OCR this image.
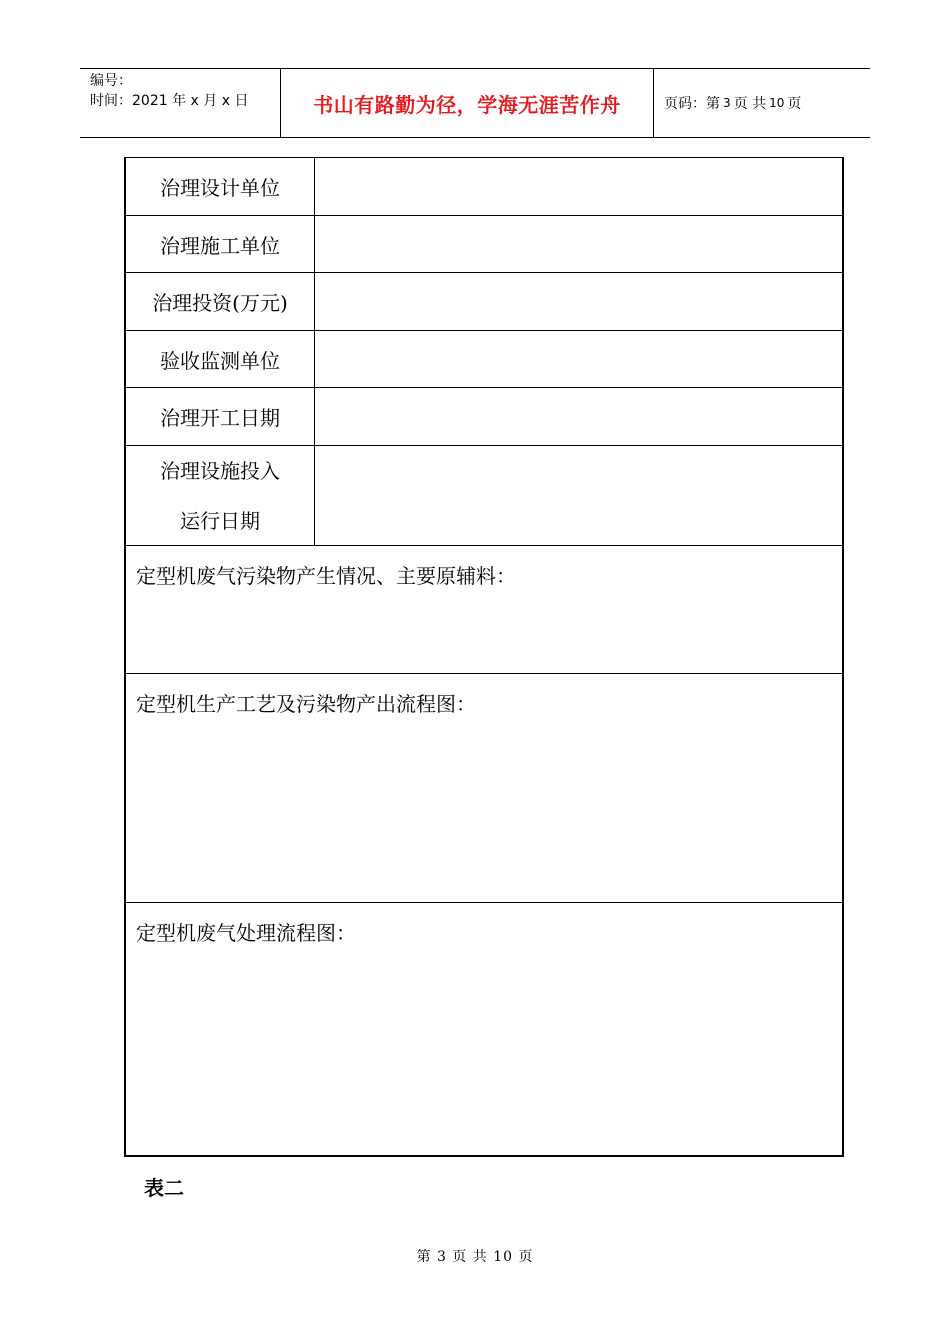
编号：
时间：2021 年 x 月 x 日	书山有路勤为径，学海无涯苦作舟	页码：第 3 页 共 10 页
治理设计单位
治理施工单位
治理投资(万元)
验收监测单位
治理开工日期
治理设施投入
运行日期
定型机废气污染物产生情况、主要原辅料：
定型机生产工艺及污染物产出流程图：
定型机废气处理流程图：
表二
第 3 页 共 10 页
